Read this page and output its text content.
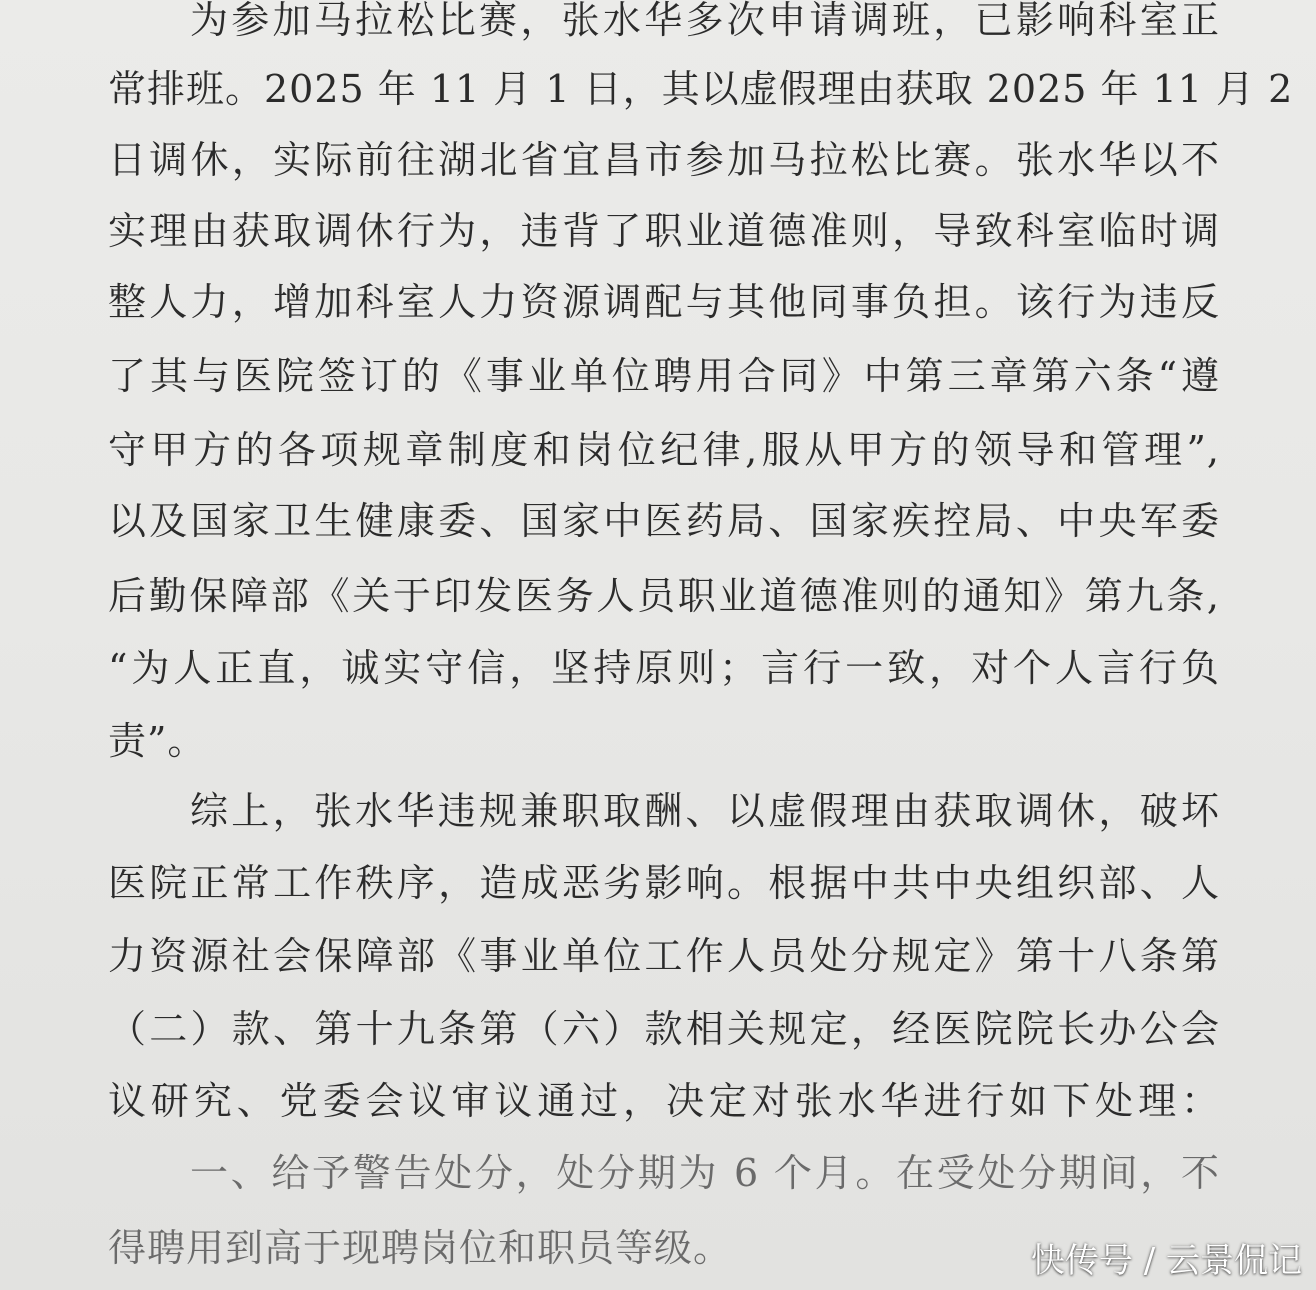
为参加马拉松比赛，张水华多次申请调班，已影响科室正
常排班。2025 年 11 月 1 日，其以虚假理由获取 2025 年 11 月 2
日调休，实际前往湖北省宜昌市参加马拉松比赛。张水华以不
实理由获取调休行为，违背了职业道德准则，导致科室临时调
整人力，增加科室人力资源调配与其他同事负担。该行为违反
了其与医院签订的《事业单位聘用合同》中第三章第六条“遵
守甲方的各项规章制度和岗位纪律,服从甲方的领导和管理”,
以及国家卫生健康委、国家中医药局、国家疾控局、中央军委
后勤保障部《关于印发医务人员职业道德准则的通知》第九条,
“为人正直，诚实守信，坚持原则；言行一致，对个人言行负
责”。
综上，张水华违规兼职取酬、以虚假理由获取调休，破坏
医院正常工作秩序，造成恶劣影响。根据中共中央组织部、人
力资源社会保障部《事业单位工作人员处分规定》第十八条第
（二）款、第十九条第（六）款相关规定，经医院院长办公会
议研究、党委会议审议通过，决定对张水华进行如下处理：
一、给予警告处分，处分期为 6 个月。在受处分期间，不
得聘用到高于现聘岗位和职员等级。	快传号 / 云景侃记
